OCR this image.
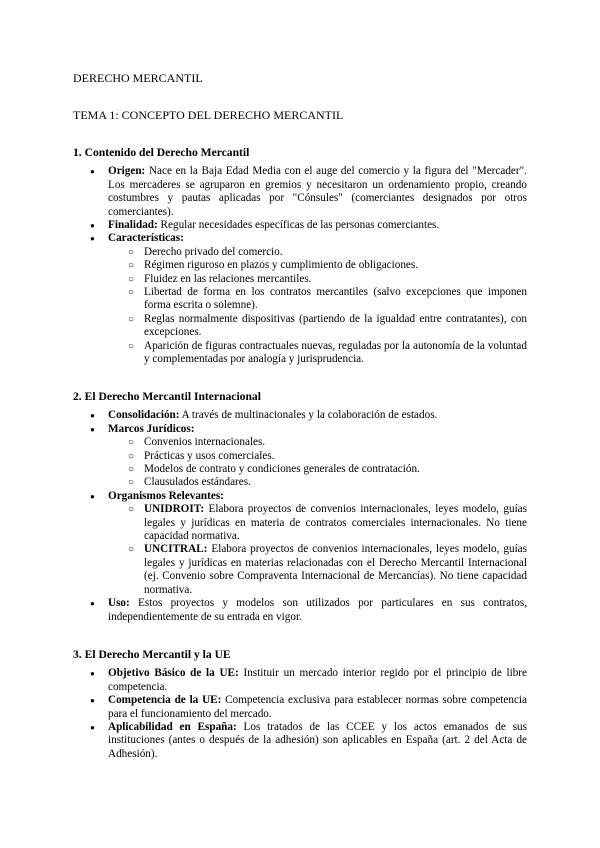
DERECHO MERCANTIL
TEMA 1: CONCEPTO DEL DERECHO MERCANTIL
1. Contenido del Derecho Mercantil
● Origen: Nace en la Baja Edad Media con el auge del comercio y la figura del "Mercader". Los mercaderes se agruparon en gremios y necesitaron un ordenamiento propio, creando costumbres y pautas aplicadas por "Cónsules" (comerciantes designados por otros comerciantes).
● Finalidad: Regular necesidades específicas de las personas comerciantes.
● Características:
○ Derecho privado del comercio.
○ Régimen riguroso en plazos y cumplimiento de obligaciones.
○ Fluidez en las relaciones mercantiles.
○ Libertad de forma en los contratos mercantiles (salvo excepciones que imponen forma escrita o solemne).
○ Reglas normalmente dispositivas (partiendo de la igualdad entre contratantes), con excepciones.
○ Aparición de figuras contractuales nuevas, reguladas por la autonomía de la voluntad y complementadas por analogía y jurisprudencia.
2. El Derecho Mercantil Internacional
● Consolidación: A través de multinacionales y la colaboración de estados.
● Marcos Jurídicos:
○ Convenios internacionales.
○ Prácticas y usos comerciales.
○ Modelos de contrato y condiciones generales de contratación.
○ Clausulados estándares.
● Organismos Relevantes:
○ UNIDROIT: Elabora proyectos de convenios internacionales, leyes modelo, guías legales y jurídicas en materia de contratos comerciales internacionales. No tiene capacidad normativa.
○ UNCITRAL: Elabora proyectos de convenios internacionales, leyes modelo, guías legales y jurídicas en materias relacionadas con el Derecho Mercantil Internacional (ej. Convenio sobre Compraventa Internacional de Mercancías). No tiene capacidad normativa.
● Uso: Estos proyectos y modelos son utilizados por particulares en sus contratos, independientemente de su entrada en vigor.
3. El Derecho Mercantil y la UE
● Objetivo Básico de la UE: Instituir un mercado interior regido por el principio de libre competencia.
● Competencia de la UE: Competencia exclusiva para establecer normas sobre competencia para el funcionamiento del mercado.
● Aplicabilidad en España: Los tratados de las CCEE y los actos emanados de sus instituciones (antes o después de la adhesión) son aplicables en España (art. 2 del Acta de Adhesión).
